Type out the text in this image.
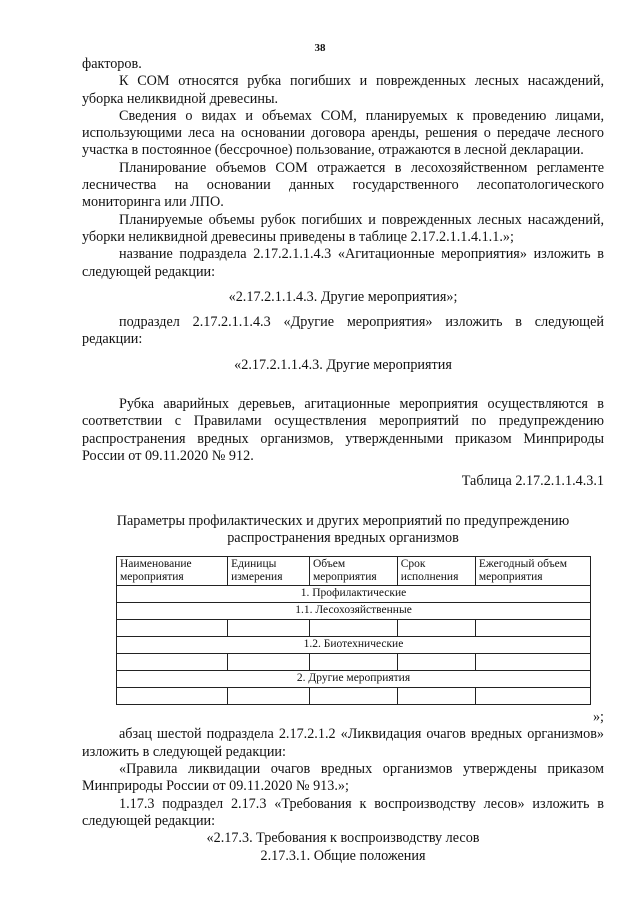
38

факторов.

К СОМ относятся рубка погибших и поврежденных лесных насаждений, уборка неликвидной древесины.

Сведения о видах и объемах СОМ, планируемых к проведению лицами, использующими леса на основании договора аренды, решения о передаче лесного участка в постоянное (бессрочное) пользование, отражаются в лесной декларации.

Планирование объемов СОМ отражается в лесохозяйственном регламенте лесничества на основании данных государственного лесопатологического мониторинга или ЛПО.

Планируемые объемы рубок погибших и поврежденных лесных насаждений, уборки неликвидной древесины приведены в таблице 2.17.2.1.1.4.1.1.»;

название подраздела 2.17.2.1.1.4.3 «Агитационные мероприятия» изложить в следующей редакции:

«2.17.2.1.1.4.3. Другие мероприятия»;

подраздел 2.17.2.1.1.4.3 «Другие мероприятия» изложить в следующей редакции:

«2.17.2.1.1.4.3. Другие мероприятия

Рубка аварийных деревьев, агитационные мероприятия осуществляются в соответствии с Правилами осуществления мероприятий по предупреждению распространения вредных организмов, утвержденными приказом Минприроды России от 09.11.2020 № 912.

Таблица 2.17.2.1.1.4.3.1

Параметры профилактических и других мероприятий по предупреждению распространения вредных организмов

Наименование мероприятия	Единицы измерения	Объем мероприятия	Срок исполнения	Ежегодный объем мероприятия
1. Профилактические				
1.1. Лесохозяйственные				

1.2. Биотехнические				

2. Другие мероприятия				

»;

абзац шестой подраздела 2.17.2.1.2 «Ликвидация очагов вредных организмов» изложить в следующей редакции:

«Правила ликвидации очагов вредных организмов утверждены приказом Минприроды России от 09.11.2020 № 913.»;

1.17.3 подраздел 2.17.3 «Требования к воспроизводству лесов» изложить в следующей редакции:

«2.17.3. Требования к воспроизводству лесов

2.17.3.1. Общие положения
